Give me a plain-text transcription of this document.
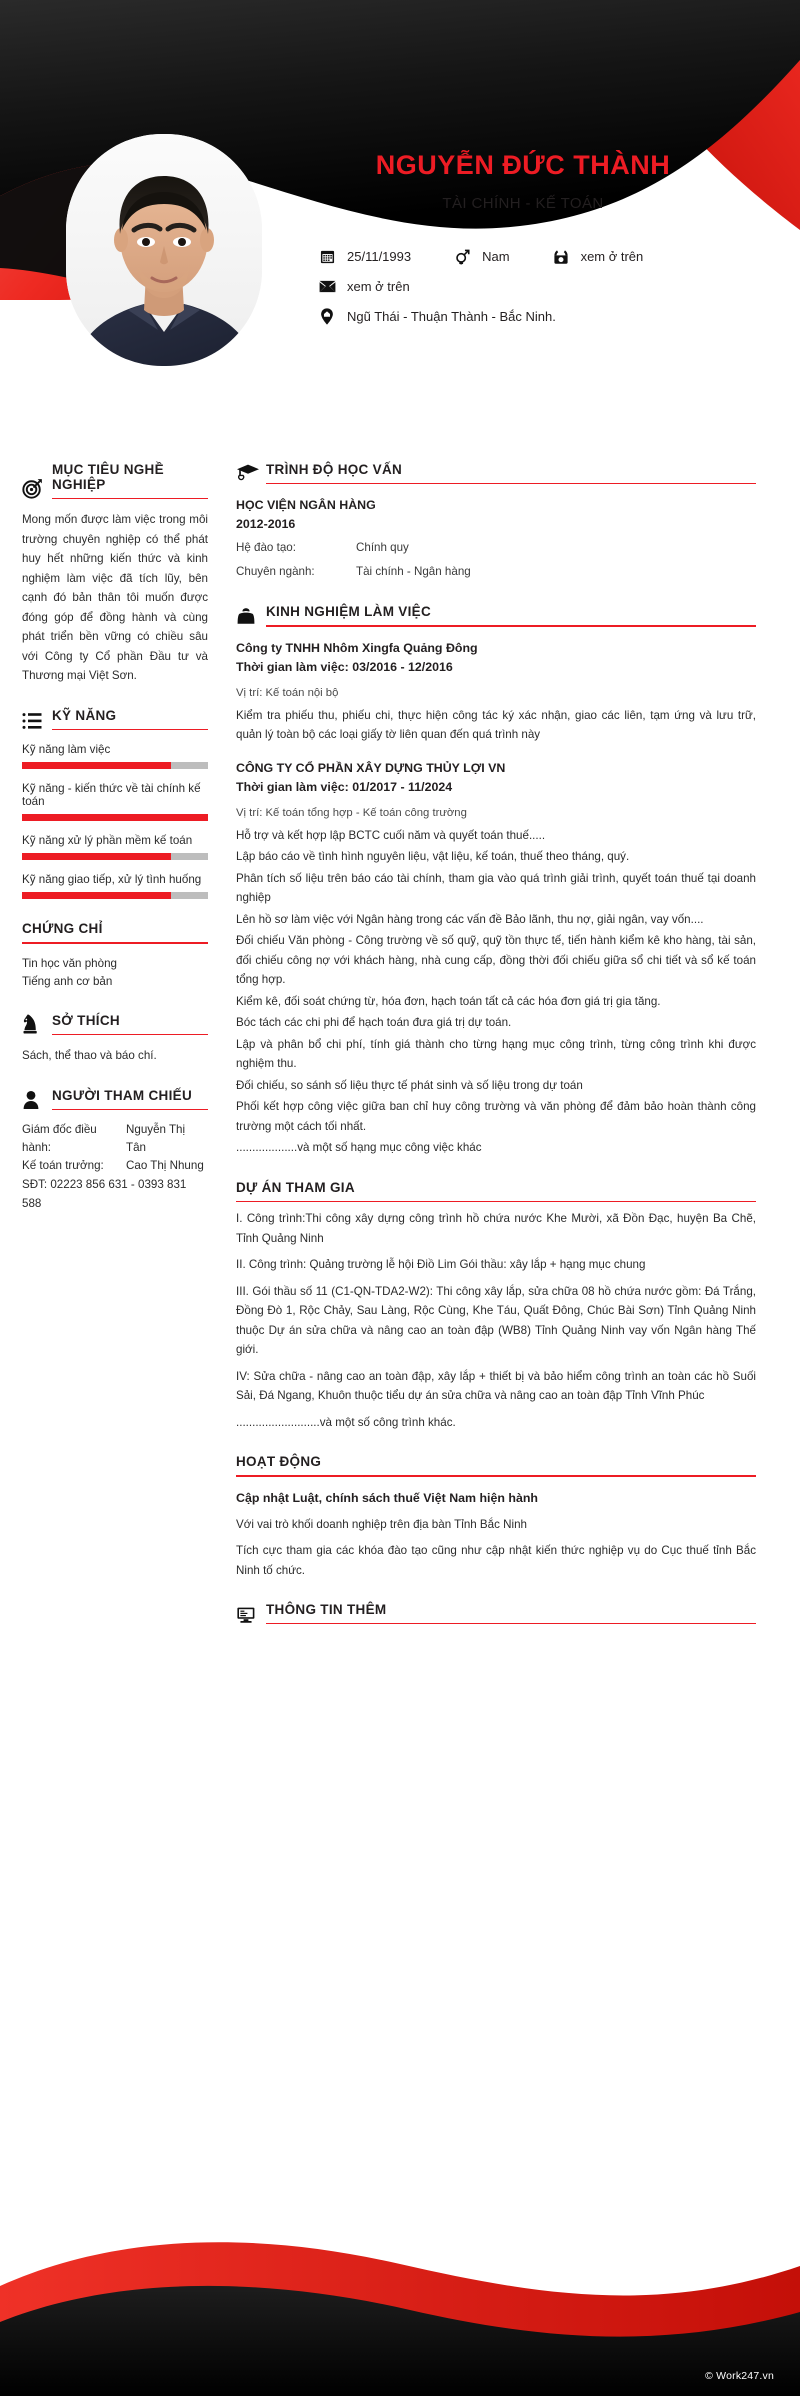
NGUYỄN ĐỨC THÀNH
TÀI CHÍNH - KẾ TOÁN
25/11/1993	Nam	xem ở trên
xem ở trên
Ngũ Thái - Thuận Thành - Bắc Ninh.
MỤC TIÊU NGHỀ NGHIỆP
Mong mốn được làm việc trong môi trường chuyên nghiệp có thể phát huy hết những kiến thức và kinh nghiệm làm việc đã tích lũy, bên cạnh đó bản thân tôi muốn được đóng góp để đồng hành và cùng phát triển bền vững có chiều sâu với Công ty Cổ phần Đầu tư và Thương mại Việt Sơn.
KỸ NĂNG
Kỹ năng làm việc
Kỹ năng - kiến thức về tài chính kế toán
Kỹ năng xử lý phần mềm kế toán
Kỹ năng giao tiếp, xử lý tình huống
CHỨNG CHỈ
Tin học văn phòng
Tiếng anh cơ bản
SỞ THÍCH
Sách, thể thao và báo chí.
NGƯỜI THAM CHIẾU
Giám đốc điều hành:
Nguyễn Thị Tân
Kế toán trưởng:	Cao Thị Nhung
SĐT: 02223 856 631 - 0393 831 588
TRÌNH ĐỘ HỌC VẤN
HỌC VIỆN NGÂN HÀNG
2012-2016
Hệ đào tạo:	Chính quy
Chuyên ngành:	Tài chính - Ngân hàng
KINH NGHIỆM LÀM VIỆC
Công ty TNHH Nhôm Xingfa Quảng Đông
Thời gian làm việc: 03/2016 - 12/2016
Vị trí: Kế toán nội bộ
Kiểm tra phiếu thu, phiếu chi, thực hiện công tác ký xác nhận, giao các liên, tạm ứng và lưu trữ, quản lý toàn bộ các loại giấy tờ liên quan đến quá trình này
CÔNG TY CỔ PHẦN XÂY DỰNG THỦY LỢI VN
Thời gian làm việc: 01/2017 - 11/2024
Vị trí: Kế toán tổng hợp - Kế toán công trường
Hỗ trợ và kết hợp lập BCTC cuối năm và quyết toán thuế.....
Lập báo cáo về tình hình nguyên liệu, vật liệu, kế toán, thuế theo tháng, quý.
Phân tích số liệu trên báo cáo tài chính, tham gia vào quá trình giải trình, quyết toán thuế tại doanh nghiệp
Lên hồ sơ làm việc với Ngân hàng trong các vấn đề Bảo lãnh, thu nợ, giải ngân, vay vốn....
Đối chiếu Văn phòng - Công trường về số quỹ, quỹ tồn thực tế, tiến hành kiểm kê kho hàng, tài sản, đối chiếu công nợ với khách hàng, nhà cung cấp, đồng thời đối chiếu giữa sổ chi tiết và sổ kế toán tổng hợp.
Kiểm kê, đối soát chứng từ, hóa đơn, hạch toán tất cả các hóa đơn giá trị gia tăng.
Bóc tách các chi phi để hạch toán đưa giá trị dự toán.
Lập và phân bổ chi phí, tính giá thành cho từng hạng mục công trình, từng công trình khi được nghiệm thu.
Đối chiếu, so sánh số liệu thực tế phát sinh và số liệu trong dự toán
Phối kết hợp công việc giữa ban chỉ huy công trường và văn phòng để đảm bảo hoàn thành công trường một cách tối nhất.
...................và một số hạng mục công việc khác
DỰ ÁN THAM GIA
I. Công trình:Thi công xây dựng công trình hồ chứa nước Khe Mười, xã Đồn Đạc, huyện Ba Chẽ, Tỉnh Quảng Ninh
II. Công trình: Quảng trường lễ hội Điồ Lim Gói thầu: xây lắp + hạng mục chung
III. Gói thầu số 11 (C1-QN-TDA2-W2): Thi công xây lắp, sửa chữa 08 hồ chứa nước gồm: Đá Trắng, Đồng Đò 1, Rộc Chảy, Sau Làng, Rộc Cùng, Khe Táu, Quất Đông, Chúc Bài Sơn) Tỉnh Quảng Ninh thuộc Dự án sửa chữa và nâng cao an toàn đập (WB8) Tỉnh Quảng Ninh vay vốn Ngân hàng Thế giới.
IV: Sửa chữa - nâng cao an toàn đập, xây lắp + thiết bị và bảo hiểm công trình an toàn các hồ Suối Sải, Đá Ngang, Khuôn thuộc tiểu dự án sửa chữa và nâng cao an toàn đập Tỉnh Vĩnh Phúc
..........................và một số công trình khác.
HOẠT ĐỘNG
Cập nhật Luật, chính sách thuế Việt Nam hiện hành
Với vai trò khối doanh nghiệp trên địa bàn Tỉnh Bắc Ninh
Tích cực tham gia các khóa đào tạo cũng như cập nhật kiến thức nghiệp vụ do Cục thuế tỉnh Bắc Ninh tố chức.
THÔNG TIN THÊM
© Work247.vn
